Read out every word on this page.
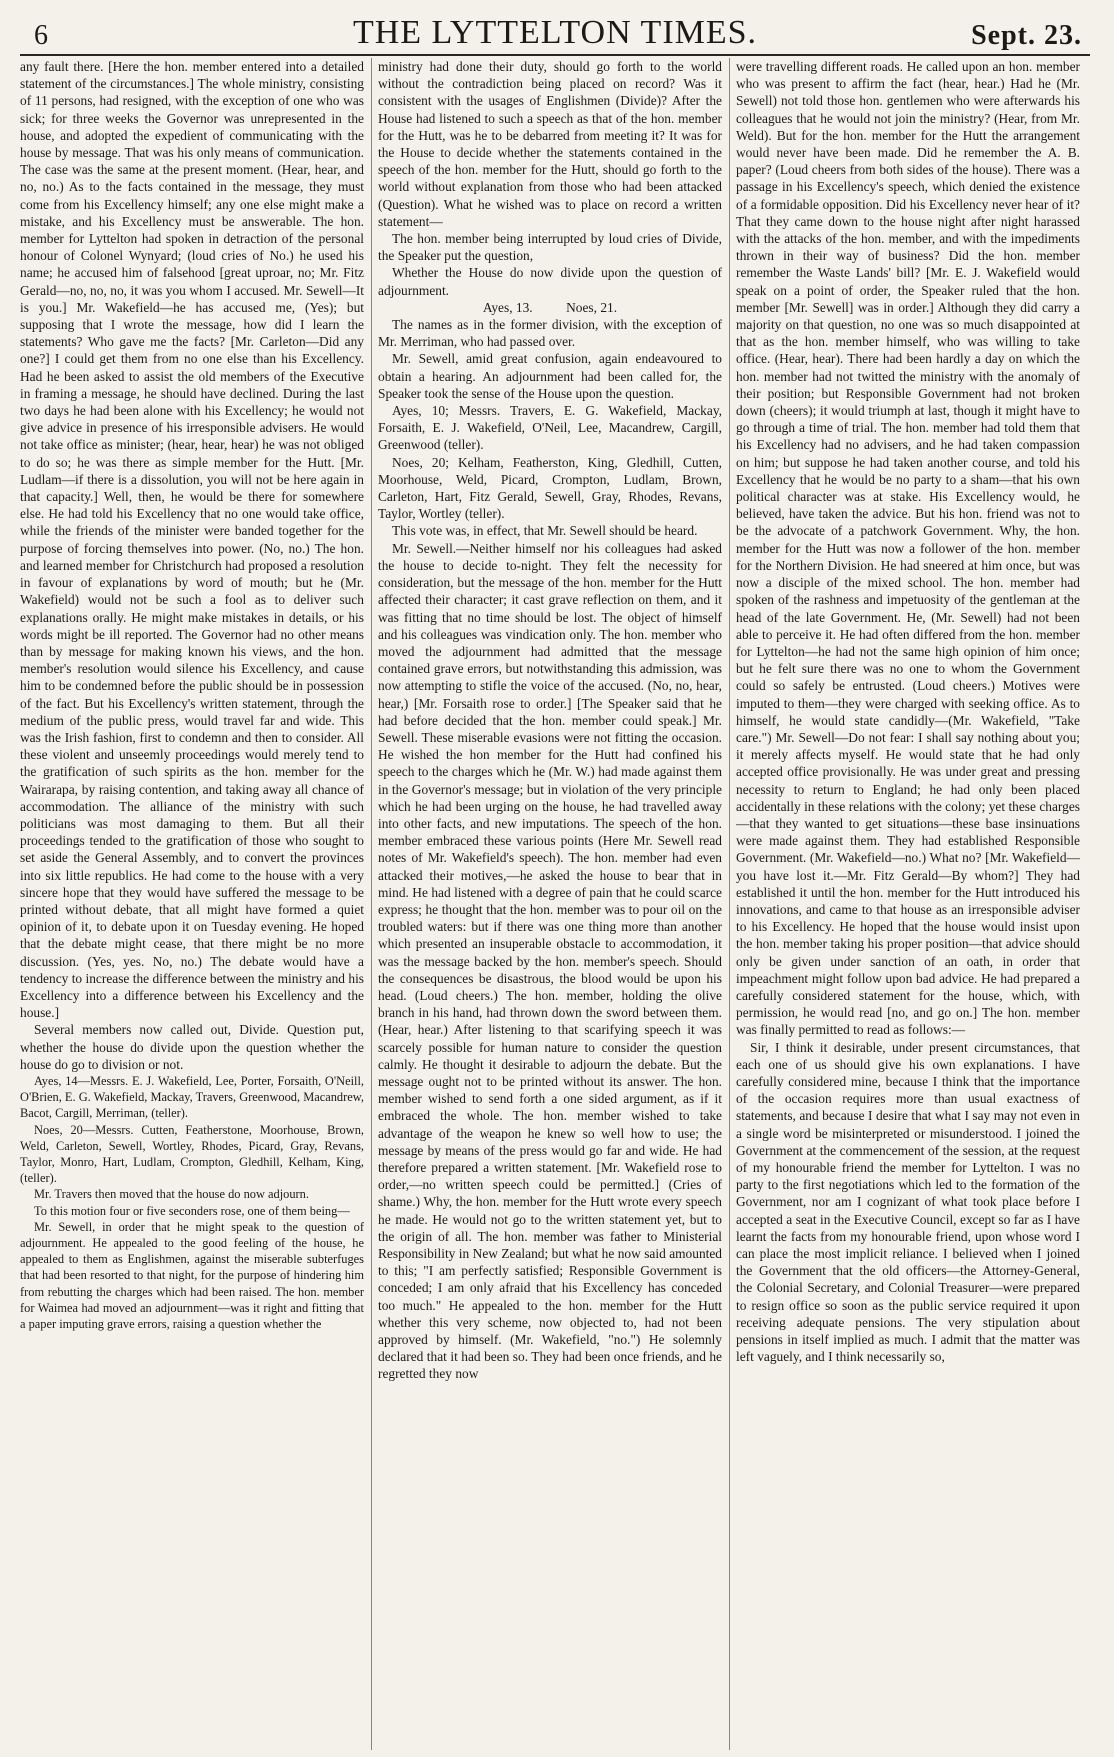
6	THE LYTTELTON TIMES.	Sept. 23.

any fault there. [Here the hon. member entered into a detailed statement of the circumstances.] The whole ministry, consisting of 11 persons, had resigned, with the exception of one who was sick; for three weeks the Governor was unrepresented in the house, and adopted the expedient of communicating with the house by message. That was his only means of communication. The case was the same at the present moment. (Hear, hear, and no, no.) As to the facts contained in the message, they must come from his Excellency himself; any one else might make a mistake, and his Excellency must be answerable. The hon. member for Lyttelton had spoken in detraction of the personal honour of Colonel Wynyard; (loud cries of No.) he used his name; he accused him of falsehood [great uproar, no; Mr. Fitz Gerald—no, no, no, it was you whom I accused. Mr. Sewell—It is you.] Mr. Wakefield—he has accused me, (Yes); but supposing that I wrote the message, how did I learn the statements? Who gave me the facts? [Mr. Carleton—Did any one?] I could get them from no one else than his Excellency. Had he been asked to assist the old members of the Executive in framing a message, he should have declined. During the last two days he had been alone with his Excellency; he would not give advice in presence of his irresponsible advisers. He would not take office as minister; (hear, hear, hear) he was not obliged to do so; he was there as simple member for the Hutt. [Mr. Ludlam—if there is a dissolution, you will not be here again in that capacity.] Well, then, he would be there for somewhere else. He had told his Excellency that no one would take office, while the friends of the minister were banded together for the purpose of forcing themselves into power. (No, no.) The hon. and learned member for Christchurch had proposed a resolution in favour of explanations by word of mouth; but he (Mr. Wakefield) would not be such a fool as to deliver such explanations orally. He might make mistakes in details, or his words might be ill reported. The Governor had no other means than by message for making known his views, and the hon. member's resolution would silence his Excellency, and cause him to be condemned before the public should be in possession of the fact. But his Excellency's written statement, through the medium of the public press, would travel far and wide. This was the Irish fashion, first to condemn and then to consider. All these violent and unseemly proceedings would merely tend to the gratification of such spirits as the hon. member for the Wairarapa, by raising contention, and taking away all chance of accommodation. The alliance of the ministry with such politicians was most damaging to them. But all their proceedings tended to the gratification of those who sought to set aside the General Assembly, and to convert the provinces into six little republics. He had come to the house with a very sincere hope that they would have suffered the message to be printed without debate, that all might have formed a quiet opinion of it, to debate upon it on Tuesday evening. He hoped that the debate might cease, that there might be no more discussion. (Yes, yes. No, no.) The debate would have a tendency to increase the difference between the ministry and his Excellency into a difference between his Excellency and the house.]

Several members now called out, Divide. Question put, whether the house do divide upon the question whether the house do go to division or not.

Ayes, 14—Messrs. E. J. Wakefield, Lee, Porter, Forsaith, O'Neill, O'Brien, E. G. Wakefield, Mackay, Travers, Greenwood, Macandrew, Bacot, Cargill, Merriman, (teller).

Noes, 20—Messrs. Cutten, Featherstone, Moorhouse, Brown, Weld, Carleton, Sewell, Wortley, Rhodes, Picard, Gray, Revans, Taylor, Monro, Hart, Ludlam, Crompton, Gledhill, Kelham, King, (teller).

Mr. Travers then moved that the house do now adjourn.

To this motion four or five seconders rose, one of them being—

Mr. Sewell, in order that he might speak to the question of adjournment. He appealed to the good feeling of the house, he appealed to them as Englishmen, against the miserable subterfuges that had been resorted to that night, for the purpose of hindering him from rebutting the charges which had been raised. The hon. member for Waimea had moved an adjournment—was it right and fitting that a paper imputing grave errors, raising a question whether the

ministry had done their duty, should go forth to the world without the contradiction being placed on record? Was it consistent with the usages of Englishmen (Divide)? After the House had listened to such a speech as that of the hon. member for the Hutt, was he to be debarred from meeting it? It was for the House to decide whether the statements contained in the speech of the hon. member for the Hutt, should go forth to the world without explanation from those who had been attacked (Question). What he wished was to place on record a written statement—

The hon. member being interrupted by loud cries of Divide, the Speaker put the question,

Whether the House do now divide upon the question of adjournment.

Ayes, 13.          Noes, 21.

The names as in the former division, with the exception of Mr. Merriman, who had passed over.

Mr. Sewell, amid great confusion, again endeavoured to obtain a hearing. An adjournment had been called for, the Speaker took the sense of the House upon the question.

Ayes, 10; Messrs. Travers, E. G. Wakefield, Mackay, Forsaith, E. J. Wakefield, O'Neil, Lee, Macandrew, Cargill, Greenwood (teller).

Noes, 20; Kelham, Featherston, King, Gledhill, Cutten, Moorhouse, Weld, Picard, Crompton, Ludlam, Brown, Carleton, Hart, Fitz Gerald, Sewell, Gray, Rhodes, Revans, Taylor, Wortley (teller).

This vote was, in effect, that Mr. Sewell should be heard.

Mr. Sewell.—Neither himself nor his colleagues had asked the house to decide to-night. They felt the necessity for consideration, but the message of the hon. member for the Hutt affected their character; it cast grave reflection on them, and it was fitting that no time should be lost. The object of himself and his colleagues was vindication only. The hon. member who moved the adjournment had admitted that the message contained grave errors, but notwithstanding this admission, was now attempting to stifle the voice of the accused. (No, no, hear, hear,) [Mr. Forsaith rose to order.] [The Speaker said that he had before decided that the hon. member could speak.] Mr. Sewell. These miserable evasions were not fitting the occasion. He wished the hon member for the Hutt had confined his speech to the charges which he (Mr. W.) had made against them in the Governor's message; but in violation of the very principle which he had been urging on the house, he had travelled away into other facts, and new imputations. The speech of the hon. member embraced these various points (Here Mr. Sewell read notes of Mr. Wakefield's speech). The hon. member had even attacked their motives,—he asked the house to bear that in mind. He had listened with a degree of pain that he could scarce express; he thought that the hon. member was to pour oil on the troubled waters: but if there was one thing more than another which presented an insuperable obstacle to accommodation, it was the message backed by the hon. member's speech. Should the consequences be disastrous, the blood would be upon his head. (Loud cheers.) The hon. member, holding the olive branch in his hand, had thrown down the sword between them. (Hear, hear.) After listening to that scarifying speech it was scarcely possible for human nature to consider the question calmly. He thought it desirable to adjourn the debate. But the message ought not to be printed without its answer. The hon. member wished to send forth a one sided argument, as if it embraced the whole. The hon. member wished to take advantage of the weapon he knew so well how to use; the message by means of the press would go far and wide. He had therefore prepared a written statement. [Mr. Wakefield rose to order,—no written speech could be permitted.] (Cries of shame.) Why, the hon. member for the Hutt wrote every speech he made. He would not go to the written statement yet, but to the origin of all. The hon. member was father to Ministerial Responsibility in New Zealand; but what he now said amounted to this; "I am perfectly satisfied; Responsible Government is conceded; I am only afraid that his Excellency has conceded too much." He appealed to the hon. member for the Hutt whether this very scheme, now objected to, had not been approved by himself. (Mr. Wakefield, "no.") He solemnly declared that it had been so. They had been once friends, and he regretted they now

were travelling different roads. He called upon an hon. member who was present to affirm the fact (hear, hear.) Had he (Mr. Sewell) not told those hon. gentlemen who were afterwards his colleagues that he would not join the ministry? (Hear, from Mr. Weld). But for the hon. member for the Hutt the arrangement would never have been made. Did he remember the A. B. paper? (Loud cheers from both sides of the house). There was a passage in his Excellency's speech, which denied the existence of a formidable opposition. Did his Excellency never hear of it? That they came down to the house night after night harassed with the attacks of the hon. member, and with the impediments thrown in their way of business? Did the hon. member remember the Waste Lands' bill? [Mr. E. J. Wakefield would speak on a point of order, the Speaker ruled that the hon. member [Mr. Sewell] was in order.] Although they did carry a majority on that question, no one was so much disappointed at that as the hon. member himself, who was willing to take office. (Hear, hear). There had been hardly a day on which the hon. member had not twitted the ministry with the anomaly of their position; but Responsible Government had not broken down (cheers); it would triumph at last, though it might have to go through a time of trial. The hon. member had told them that his Excellency had no advisers, and he had taken compassion on him; but suppose he had taken another course, and told his Excellency that he would be no party to a sham—that his own political character was at stake. His Excellency would, he believed, have taken the advice. But his hon. friend was not to be the advocate of a patchwork Government. Why, the hon. member for the Hutt was now a follower of the hon. member for the Northern Division. He had sneered at him once, but was now a disciple of the mixed school. The hon. member had spoken of the rashness and impetuosity of the gentleman at the head of the late Government. He, (Mr. Sewell) had not been able to perceive it. He had often differed from the hon. member for Lyttelton—he had not the same high opinion of him once; but he felt sure there was no one to whom the Government could so safely be entrusted. (Loud cheers.) Motives were imputed to them—they were charged with seeking office. As to himself, he would state candidly—(Mr. Wakefield, "Take care.") Mr. Sewell—Do not fear: I shall say nothing about you; it merely affects myself. He would state that he had only accepted office provisionally. He was under great and pressing necessity to return to England; he had only been placed accidentally in these relations with the colony; yet these charges—that they wanted to get situations—these base insinuations were made against them. They had established Responsible Government. (Mr. Wakefield—no.) What no? [Mr. Wakefield—you have lost it.—Mr. Fitz Gerald—By whom?] They had established it until the hon. member for the Hutt introduced his innovations, and came to that house as an irresponsible adviser to his Excellency. He hoped that the house would insist upon the hon. member taking his proper position—that advice should only be given under sanction of an oath, in order that impeachment might follow upon bad advice. He had prepared a carefully considered statement for the house, which, with permission, he would read [no, and go on.] The hon. member was finally permitted to read as follows:—

Sir, I think it desirable, under present circumstances, that each one of us should give his own explanations. I have carefully considered mine, because I think that the importance of the occasion requires more than usual exactness of statements, and because I desire that what I say may not even in a single word be misinterpreted or misunderstood. I joined the Government at the commencement of the session, at the request of my honourable friend the member for Lyttelton. I was no party to the first negotiations which led to the formation of the Government, nor am I cognizant of what took place before I accepted a seat in the Executive Council, except so far as I have learnt the facts from my honourable friend, upon whose word I can place the most implicit reliance. I believed when I joined the Government that the old officers—the Attorney-General, the Colonial Secretary, and Colonial Treasurer—were prepared to resign office so soon as the public service required it upon receiving adequate pensions. The very stipulation about pensions in itself implied as much. I admit that the matter was left vaguely, and I think necessarily so,
